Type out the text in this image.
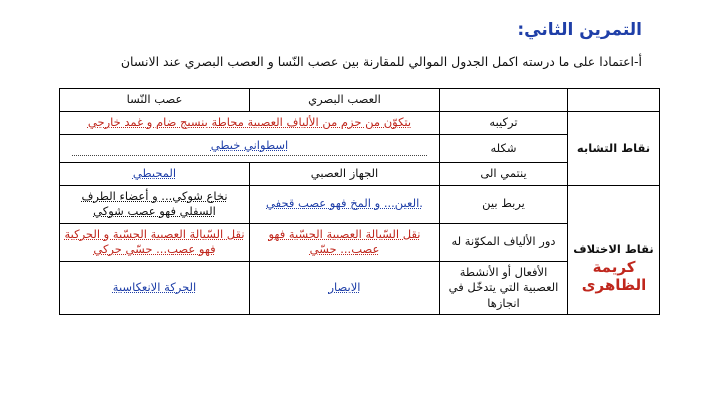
التمرين الثاني:
أ-اعتمادا على ما درسته اكمل الجدول الموالي للمقارنة بين عصب النّسا و العصب البصري عند الانسان
		العصب البصري	عصب النّسا
نقاط التشابه	تركيبه	يتكوّن من حزم من الألياف العصبية محاطة بنسيج ضام و غمد خارجي	
	شكله	اسطواني خيطي	

	ينتمي الى	الجهاز العصبي	المحيطي
نقاط الاختلاف	يربط بين	.العين... و المخ فهو عصب قحفي	نخاع شوكي... و أعضاء الطرف السفلي فهو عصب شوكي
	دور الألياف المكوّنة له	نقل السّيالة العصبية الحسّية فهو عصب... حسّي	نقل السّيالة العصبية الحسّية و الحركية فهو عصب... حسّي حركي
	الأفعال أو الأنشطة العصبية التي يتدخّل في انجازها	الابصار	الحركة الانعكاسية
كريمة الظاهرى
